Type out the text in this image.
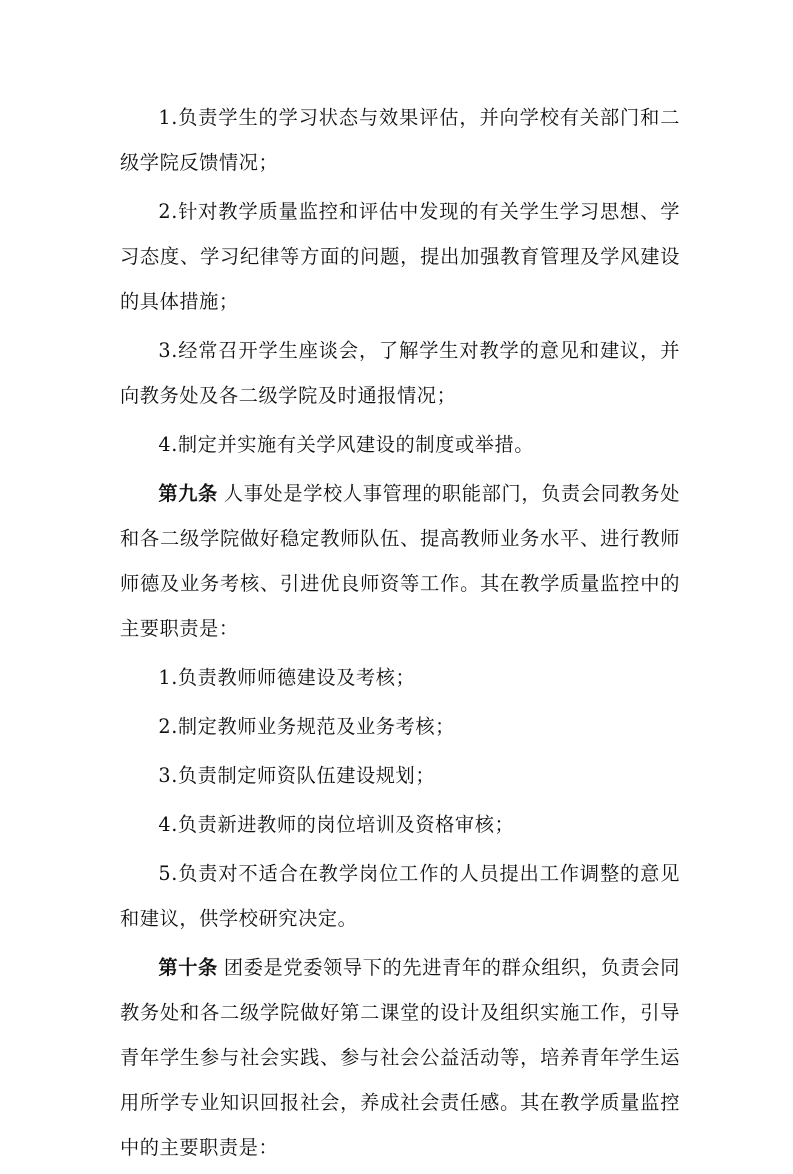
1.负责学生的学习状态与效果评估，并向学校有关部门和二级学院反馈情况；

2.针对教学质量监控和评估中发现的有关学生学习思想、学习态度、学习纪律等方面的问题，提出加强教育管理及学风建设的具体措施；

3.经常召开学生座谈会，了解学生对教学的意见和建议，并向教务处及各二级学院及时通报情况；

4.制定并实施有关学风建设的制度或举措。

第九条 人事处是学校人事管理的职能部门，负责会同教务处和各二级学院做好稳定教师队伍、提高教师业务水平、进行教师师德及业务考核、引进优良师资等工作。其在教学质量监控中的主要职责是：

1.负责教师师德建设及考核；

2.制定教师业务规范及业务考核；

3.负责制定师资队伍建设规划；

4.负责新进教师的岗位培训及资格审核；

5.负责对不适合在教学岗位工作的人员提出工作调整的意见和建议，供学校研究决定。

第十条 团委是党委领导下的先进青年的群众组织，负责会同教务处和各二级学院做好第二课堂的设计及组织实施工作，引导青年学生参与社会实践、参与社会公益活动等，培养青年学生运用所学专业知识回报社会，养成社会责任感。其在教学质量监控中的主要职责是：
